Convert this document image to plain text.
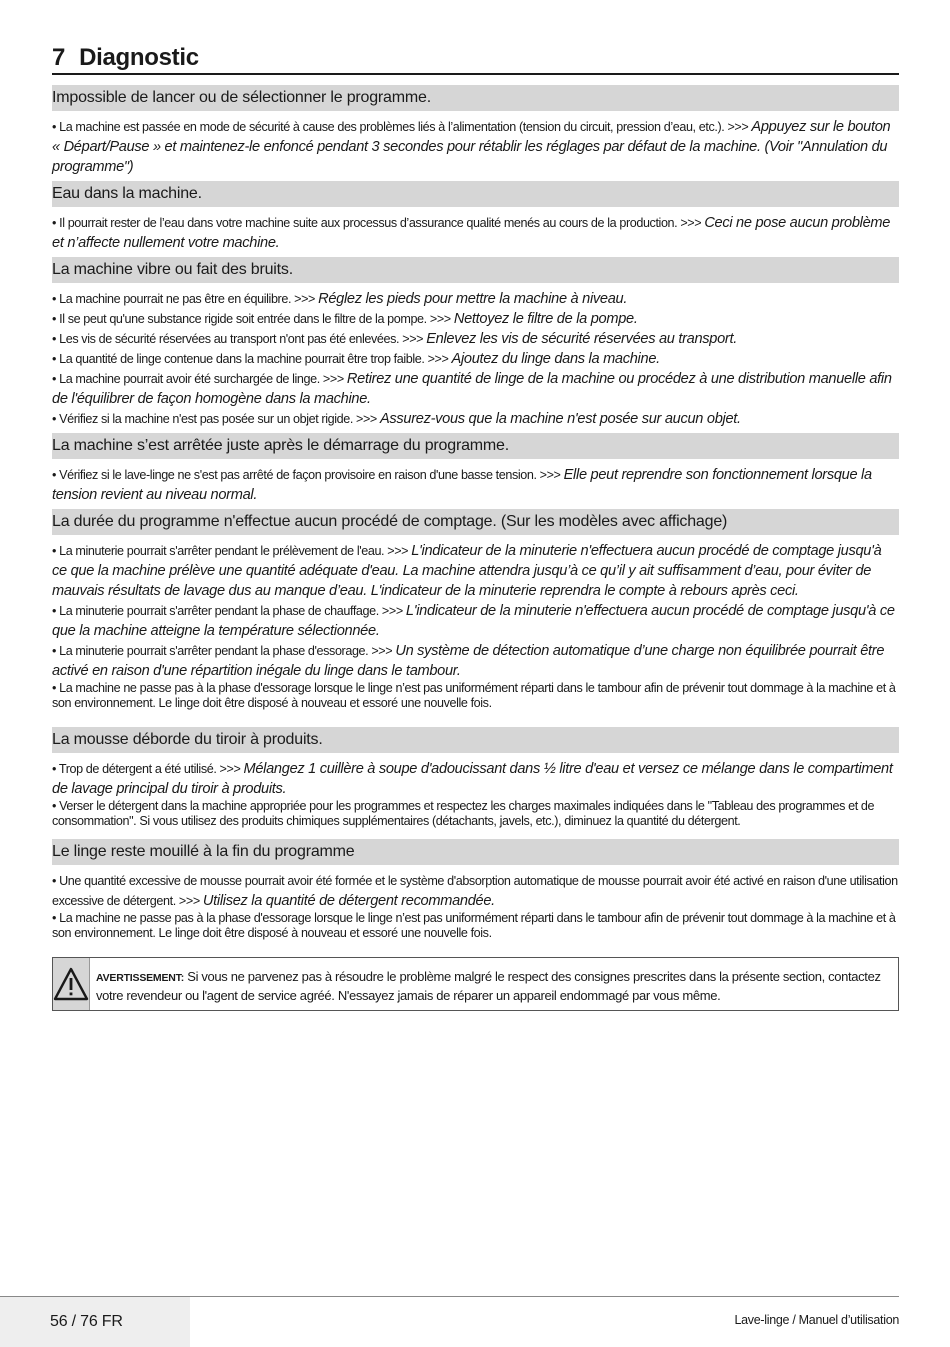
7 Diagnostic
Impossible de lancer ou de sélectionner le programme.

• La machine est passée en mode de sécurité à cause des problèmes liés à l’alimentation (tension du circuit, pression d’eau, etc.). >>> Appuyez sur le bouton « Départ/Pause » et maintenez-le enfoncé pendant 3 secondes pour rétablir les réglages par défaut de la machine. (Voir "Annulation du programme")

Eau dans la machine.

• Il pourrait rester de l’eau dans votre machine suite aux processus d’assurance qualité menés au cours de la production. >>> Ceci ne pose aucun problème et n’affecte nullement votre machine.

La machine vibre ou fait des bruits.

• La machine pourrait ne pas être en équilibre. >>> Réglez les pieds pour mettre la machine à niveau.

• Il se peut qu'une substance rigide soit entrée dans le filtre de la pompe. >>> Nettoyez le filtre de la pompe.

• Les vis de sécurité réservées au transport n'ont pas été enlevées. >>> Enlevez les vis de sécurité réservées au transport.

• La quantité de linge contenue dans la machine pourrait être trop faible. >>> Ajoutez du linge dans la machine.

• La machine pourrait avoir été surchargée de linge. >>> Retirez une quantité de linge de la machine ou procédez à une distribution manuelle afin de l'équilibrer de façon homogène dans la machine.

• Vérifiez si la machine n'est pas posée sur un objet rigide. >>> Assurez-vous que la machine n'est posée sur aucun objet.

La machine s’est arrêtée juste après le démarrage du programme.

• Vérifiez si le lave-linge ne s'est pas arrêté de façon provisoire en raison d'une basse tension. >>> Elle peut reprendre son fonctionnement lorsque la tension revient au niveau normal.

La durée du programme n'effectue aucun procédé de comptage. (Sur les modèles avec affichage)

• La minuterie pourrait s'arrêter pendant le prélèvement de l'eau. >>> L'indicateur de la minuterie n'effectuera aucun procédé de comptage jusqu'à ce que la machine prélève une quantité adéquate d'eau. La machine attendra jusqu’à ce qu’il y ait suffisamment d’eau, pour éviter de mauvais résultats de lavage dus au manque d’eau. L'indicateur de la minuterie reprendra le compte à rebours après ceci.

• La minuterie pourrait s'arrêter pendant la phase de chauffage. >>> L'indicateur de la minuterie n'effectuera aucun procédé de comptage jusqu'à ce que la machine atteigne la température sélectionnée.

• La minuterie pourrait s'arrêter pendant la phase d'essorage. >>> Un système de détection automatique d’une charge non équilibrée pourrait être activé en raison d'une répartition inégale du linge dans le tambour.

• La machine ne passe pas à la phase d'essorage lorsque le linge n’est pas uniformément réparti dans le tambour afin de prévenir tout dommage à la machine et à son environnement. Le linge doit être disposé à nouveau et essoré une nouvelle fois.

La mousse déborde du tiroir à produits.

• Trop de détergent a été utilisé. >>> Mélangez 1 cuillère à soupe d'adoucissant dans ½ litre d'eau et versez ce mélange dans le compartiment de lavage principal du tiroir à produits.

• Verser le détergent dans la machine appropriée pour les programmes et respectez les charges maximales indiquées dans le "Tableau des programmes et de consommation". Si vous utilisez des produits chimiques supplémentaires (détachants, javels, etc.), diminuez la quantité du détergent.

Le linge reste mouillé à la fin du programme

• Une quantité excessive de mousse pourrait avoir été formée et le système d'absorption automatique de mousse pourrait avoir été activé en raison d'une utilisation excessive de détergent. >>> Utilisez la quantité de détergent recommandée.

• La machine ne passe pas à la phase d'essorage lorsque le linge n’est pas uniformément réparti dans le tambour afin de prévenir tout dommage à la machine et à son environnement. Le linge doit être disposé à nouveau et essoré une nouvelle fois.

AVERTISSEMENT: Si vous ne parvenez pas à résoudre le problème malgré le respect des consignes prescrites dans la présente section, contactez votre revendeur ou l'agent de service agréé. N'essayez jamais de réparer un appareil endommagé par vous même.
56 / 76 FR	Lave-linge / Manuel d’utilisation
